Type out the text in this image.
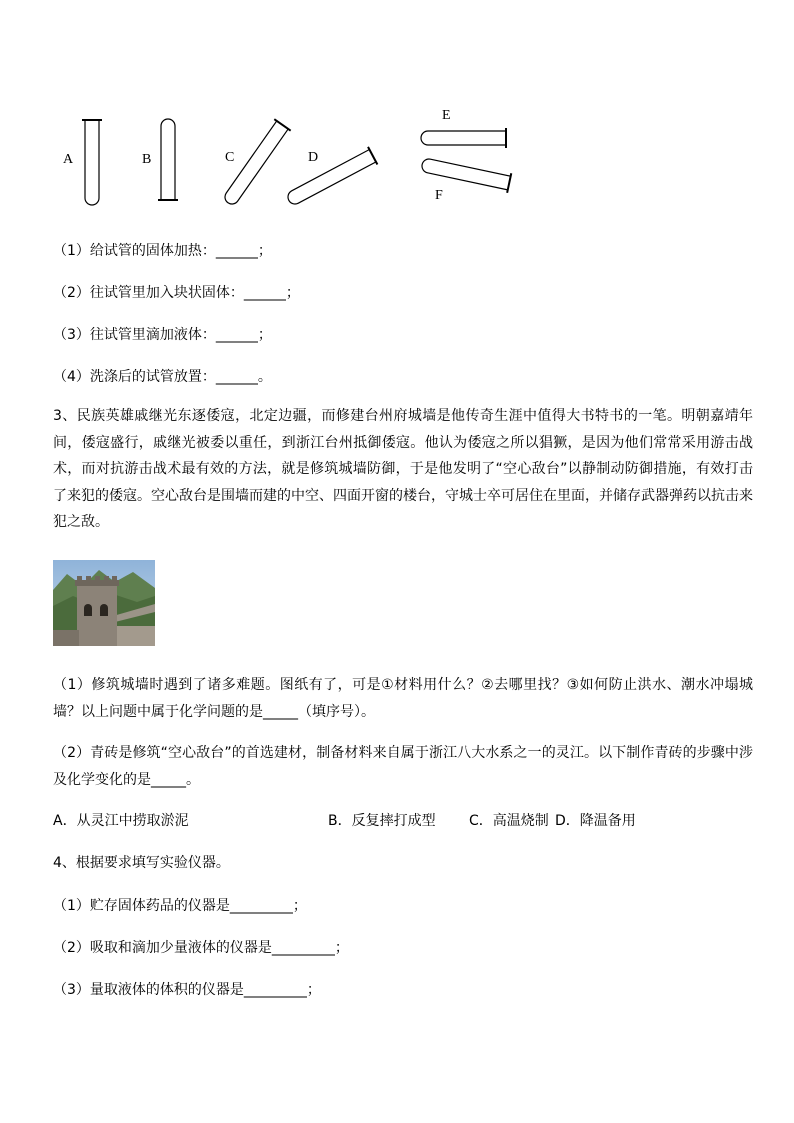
A	B	C	D
E
F
（1）给试管的固体加热：______；
（2）往试管里加入块状固体：______；
（3）往试管里滴加液体：______；
（4）洗涤后的试管放置：______。
3、民族英雄戚继光东逐倭寇，北定边疆，而修建台州府城墙是他传奇生涯中值得大书特书的一笔。明朝嘉靖年间，倭寇盛行，戚继光被委以重任，到浙江台州抵御倭寇。他认为倭寇之所以猖獗，是因为他们常常采用游击战术，而对抗游击战术最有效的方法，就是修筑城墙防御，于是他发明了“空心敌台”以静制动防御措施，有效打击了来犯的倭寇。空心敌台是围墙而建的中空、四面开窗的楼台，守城士卒可居住在里面，并储存武器弹药以抗击来犯之敌。
（1）修筑城墙时遇到了诸多难题。图纸有了，可是①材料用什么？②去哪里找？③如何防止洪水、潮水冲塌城墙？以上问题中属于化学问题的是_____（填序号）。
（2）青砖是修筑“空心敌台”的首选建材，制备材料来自属于浙江八大水系之一的灵江。以下制作青砖的步骤中涉及化学变化的是_____。
A．从灵江中捞取淤泥	B．反复摔打成型 C．高温烧制 D．降温备用
4、根据要求填写实验仪器。
（1）贮存固体药品的仪器是_________；
（2）吸取和滴加少量液体的仪器是_________；
（3）量取液体的体积的仪器是_________；
